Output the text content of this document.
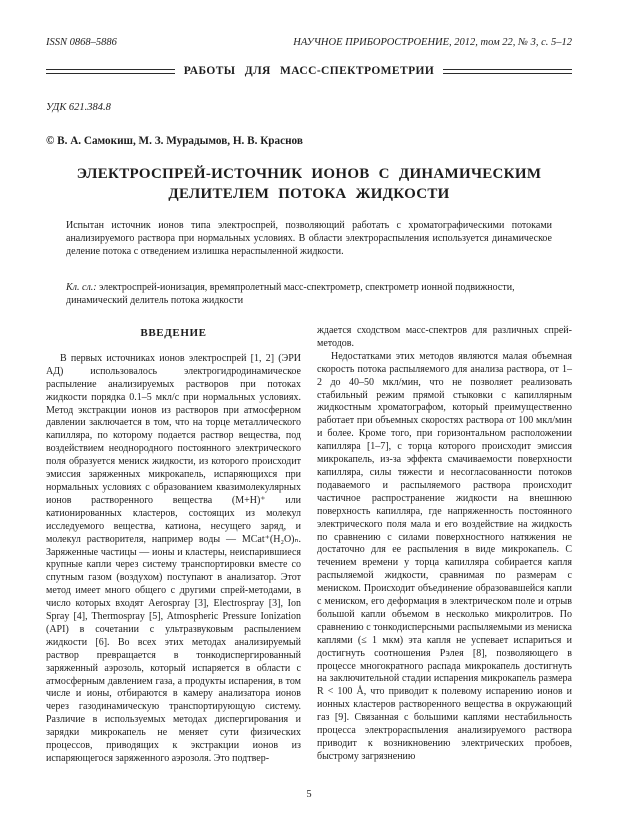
ISSN 0868–5886	НАУЧНОЕ ПРИБОРОСТРОЕНИЕ, 2012, том 22, № 3, с. 5–12
РАБОТЫ ДЛЯ МАСС-СПЕКТРОМЕТРИИ
УДК 621.384.8
© В. А. Самокиш, М. З. Мурадымов, Н. В. Краснов
ЭЛЕКТРОСПРЕЙ-ИСТОЧНИК ИОНОВ С ДИНАМИЧЕСКИМ
ДЕЛИТЕЛЕМ ПОТОКА ЖИДКОСТИ

Испытан источник ионов типа электроспрей, позволяющий работать с хроматографическими потоками анализируемого раствора при нормальных условиях. В области электрораспыления используется динамическое деление потока с отведением излишка нераспыленной жидкости.

Кл. сл.: электроспрей-ионизация, времяпролетный масс-спектрометр, спектрометр ионной подвижности, динамический делитель потока жидкости

ВВЕДЕНИЕ

В первых источниках ионов электроспрей [1, 2] (ЭРИ АД) использовалось электрогидродинамическое распыление анализируемых растворов при потоках жидкости порядка 0.1–5 мкл/с при нормальных условиях. Метод экстракции ионов из растворов при атмосферном давлении заключается в том, что на торце металлического капилляра, по которому подается раствор вещества, под воздействием неоднородного постоянного электрического поля образуется мениск жидкости, из которого происходит эмиссия заряженных микрокапель, испаряющихся при нормальных условиях с образованием квазимолекулярных ионов растворенного вещества (M+H)⁺ или катионированных кластеров, состоящих из молекул исследуемого вещества, катиона, несущего заряд, и молекул растворителя, например воды — MCat⁺(H₂O)ₙ. Заряженные частицы — ионы и кластеры, неиспарившиеся крупные капли через систему транспортировки вместе со спутным газом (воздухом) поступают в анализатор. Этот метод имеет много общего с другими спрей-методами, в число которых входят Aerospray [3], Electrospray [3], Ion Spray [4], Thermospray [5], Atmospheric Pressure Ionization (API) в сочетании с ультразвуковым распылением жидкости [6]. Во всех этих методах анализируемый раствор превращается в тонкодиспергированный заряженный аэрозоль, который испаряется в области с атмосферным давлением газа, а продукты испарения, в том числе и ионы, отбираются в камеру анализатора ионов через газодинамическую транспортирующую систему. Различие в используемых методах диспергирования и зарядки микрокапель не меняет сути физических процессов, приводящих к экстракции ионов из испаряющегося заряженного аэрозоля. Это подтвер-

ждается сходством масс-спектров для различных спрей-методов.

Недостатками этих методов являются малая объемная скорость потока распыляемого для анализа раствора, от 1–2 до 40–50 мкл/мин, что не позволяет реализовать стабильный режим прямой стыковки с капиллярным жидкостным хроматографом, который преимущественно работает при объемных скоростях раствора от 100 мкл/мин и более. Кроме того, при горизонтальном расположении капилляра [1–7], с торца которого происходит эмиссия микрокапель, из-за эффекта смачиваемости поверхности капилляра, силы тяжести и несогласованности потоков подаваемого и распыляемого раствора происходит частичное распространение жидкости на внешнюю поверхность капилляра, где напряженность постоянного электрического поля мала и его воздействие на жидкость по сравнению с силами поверхностного натяжения не достаточно для ее распыления в виде микрокапель. С течением времени у торца капилляра собирается капля распыляемой жидкости, сравнимая по размерам с мениском. Происходит объединение образовавшейся капли с мениском, его деформация в электрическом поле и отрыв большой капли объемом в несколько микролитров. По сравнению с тонкодисперсными распыляемыми из мениска каплями (≤ 1 мкм) эта капля не успевает испариться и достигнуть соотношения Рэлея [8], позволяющего в процессе многократного распада микрокапель достигнуть на заключительной стадии испарения микрокапель размера R < 100 Å, что приводит к полевому испарению ионов и ионных кластеров растворенного вещества в окружающий газ [9]. Связанная с большими каплями нестабильность процесса электрораспыления анализируемого раствора приводит к возникновению электрических пробоев, быстрому загрязнению

5
